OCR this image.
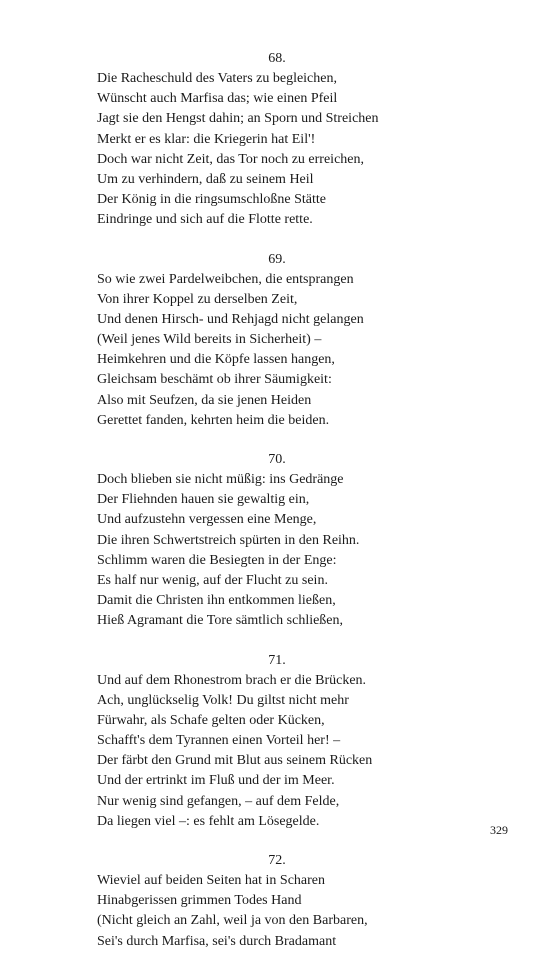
68.
Die Racheschuld des Vaters zu begleichen,
Wünscht auch Marfisa das; wie einen Pfeil
Jagt sie den Hengst dahin; an Sporn und Streichen
Merkt er es klar: die Kriegerin hat Eil'!
Doch war nicht Zeit, das Tor noch zu erreichen,
Um zu verhindern, daß zu seinem Heil
Der König in die ringsumschloßne Stätte
Eindringe und sich auf die Flotte rette.
69.
So wie zwei Pardelweibchen, die entsprangen
Von ihrer Koppel zu derselben Zeit,
Und denen Hirsch- und Rehjagd nicht gelangen
(Weil jenes Wild bereits in Sicherheit) –
Heimkehren und die Köpfe lassen hangen,
Gleichsam beschämt ob ihrer Säumigkeit:
Also mit Seufzen, da sie jenen Heiden
Gerettet fanden, kehrten heim die beiden.
70.
Doch blieben sie nicht müßig: ins Gedränge
Der Fliehnden hauen sie gewaltig ein,
Und aufzustehn vergessen eine Menge,
Die ihren Schwertstreich spürten in den Reihn.
Schlimm waren die Besiegten in der Enge:
Es half nur wenig, auf der Flucht zu sein.
Damit die Christen ihn entkommen ließen,
Hieß Agramant die Tore sämtlich schließen,
71.
Und auf dem Rhonestrom brach er die Brücken.
Ach, unglückselig Volk! Du giltst nicht mehr
Fürwahr, als Schafe gelten oder Kücken,
Schafft's dem Tyrannen einen Vorteil her! –
Der färbt den Grund mit Blut aus seinem Rücken
Und der ertrinkt im Fluß und der im Meer.
Nur wenig sind gefangen, – auf dem Felde,
Da liegen viel –: es fehlt am Lösegelde.
72.
Wieviel auf beiden Seiten hat in Scharen
Hinabgerissen grimmen Todes Hand
(Nicht gleich an Zahl, weil ja von den Barbaren,
Sei's durch Marfisa, sei's durch Bradamant
329
